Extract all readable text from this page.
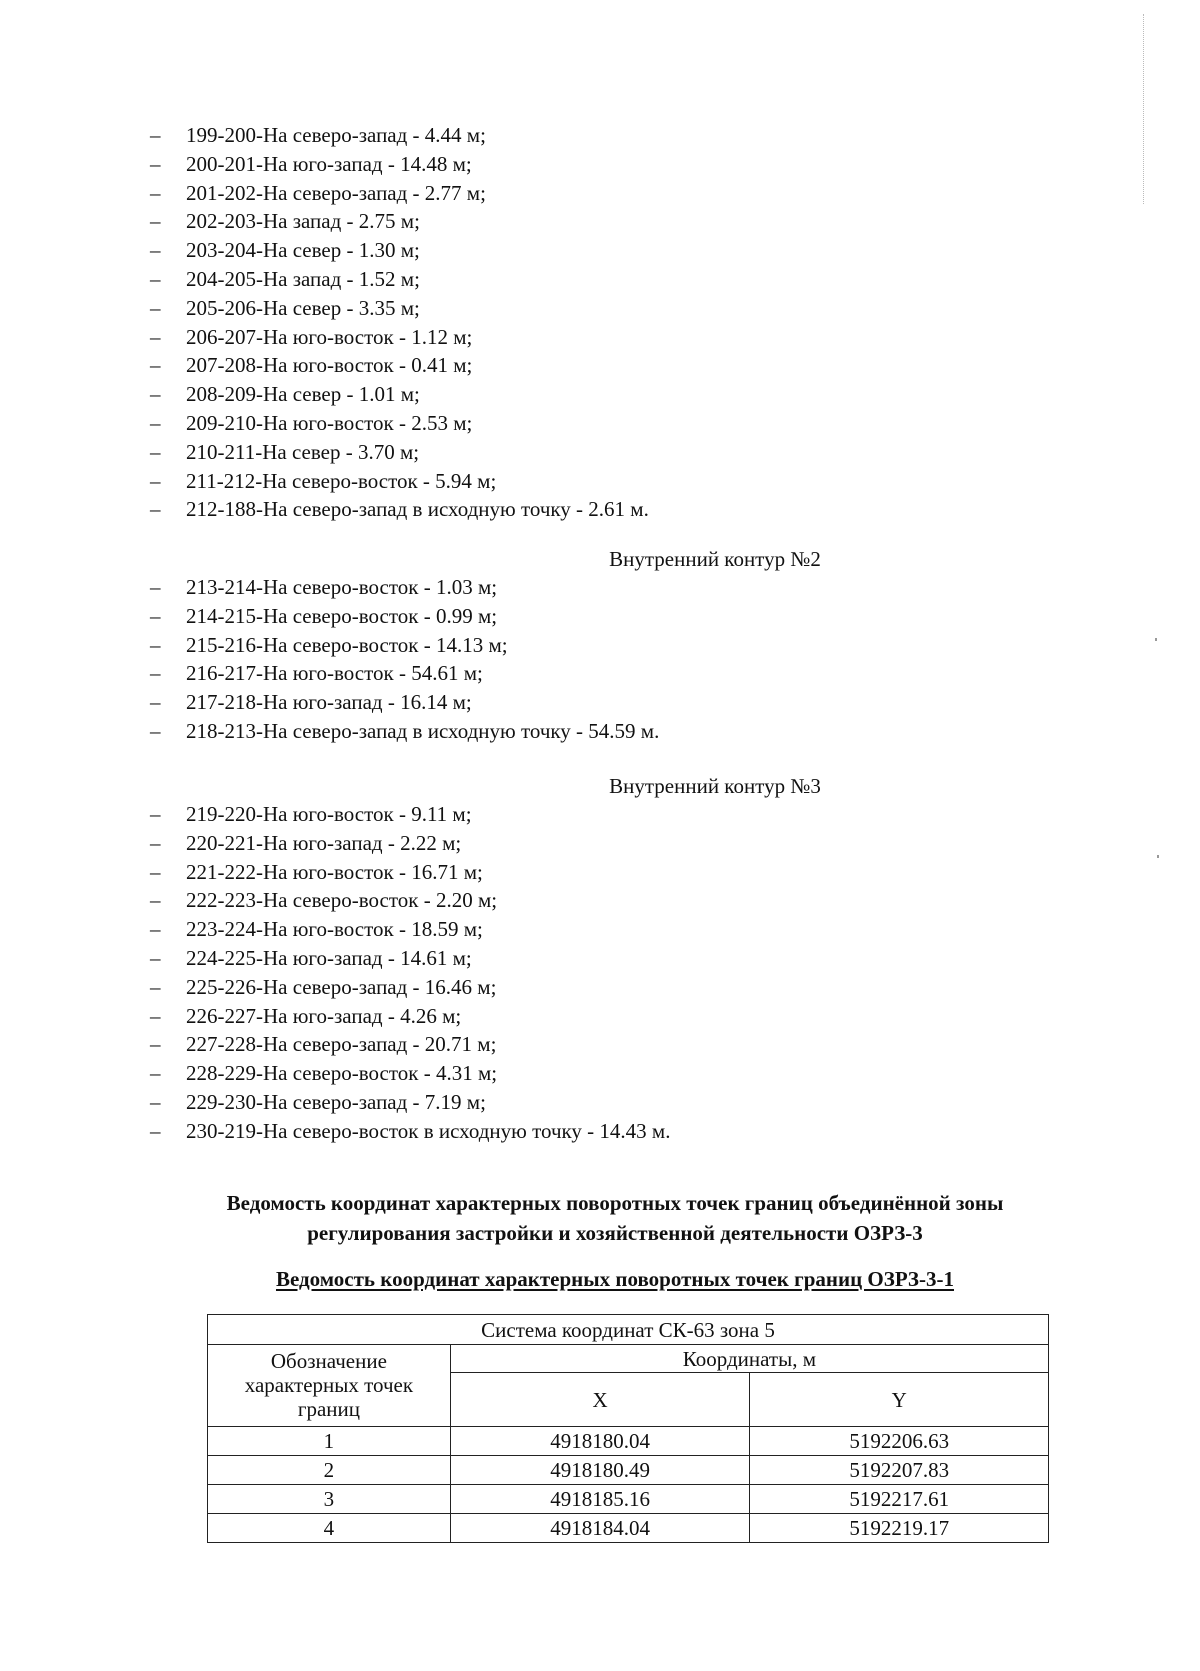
– 199-200-На северо-запад - 4.44 м;
– 200-201-На юго-запад - 14.48 м;
– 201-202-На северо-запад - 2.77 м;
– 202-203-На запад - 2.75 м;
– 203-204-На север - 1.30 м;
– 204-205-На запад - 1.52 м;
– 205-206-На север - 3.35 м;
– 206-207-На юго-восток - 1.12 м;
– 207-208-На юго-восток - 0.41 м;
– 208-209-На север - 1.01 м;
– 209-210-На юго-восток - 2.53 м;
– 210-211-На север - 3.70 м;
– 211-212-На северо-восток - 5.94 м;
– 212-188-На северо-запад в исходную точку - 2.61 м.
Внутренний контур №2
– 213-214-На северо-восток - 1.03 м;
– 214-215-На северо-восток - 0.99 м;
– 215-216-На северо-восток - 14.13 м;
– 216-217-На юго-восток - 54.61 м;
– 217-218-На юго-запад - 16.14 м;
– 218-213-На северо-запад в исходную точку - 54.59 м.
Внутренний контур №3
– 219-220-На юго-восток - 9.11 м;
– 220-221-На юго-запад - 2.22 м;
– 221-222-На юго-восток - 16.71 м;
– 222-223-На северо-восток - 2.20 м;
– 223-224-На юго-восток - 18.59 м;
– 224-225-На юго-запад - 14.61 м;
– 225-226-На северо-запад - 16.46 м;
– 226-227-На юго-запад - 4.26 м;
– 227-228-На северо-запад - 20.71 м;
– 228-229-На северо-восток - 4.31 м;
– 229-230-На северо-запад - 7.19 м;
– 230-219-На северо-восток в исходную точку - 14.43 м.
Ведомость координат характерных поворотных точек границ объединённой зоны
регулирования застройки и хозяйственной деятельности ОЗРЗ-3
Ведомость координат характерных поворотных точек границ ОЗРЗ-3-1
Система координат СК-63 зона 5		
Обозначение характерных точек границ	Координаты, м	
	X	Y
1	4918180.04	5192206.63
2	4918180.49	5192207.83
3	4918185.16	5192217.61
4	4918184.04	5192219.17
